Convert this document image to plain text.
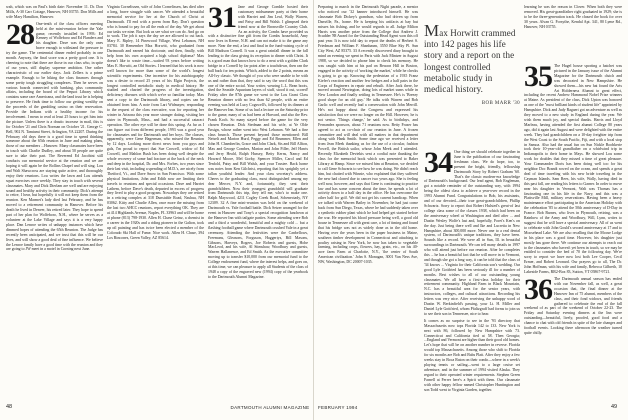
wah, which was on Paul's birth date: November 11. Dr. Don Mills, A-30 Carr Cottage, Hanover, NH 03755. Don Mills and wife Mary Hamilton, Hanover.
28 One-tenth of the class officers meeting held at the mini-reunion before the Yale game, recently installed in 1993: Ed Kenney of Wolfeboro and Ed Flanders and his daughter. Dave was the only ones brave enough to withstand the pressure to try the game. The centennial dinner ended probably in one month. Anyway, the final score was a pretty good one. It is cheering to note that there are those in our class who, in spite of our years, still display supreme ambition. One rather characteristic of our earlier days. Jack Zellers is a prime example. Enough to be hiking the class finances through some pretty tough struggling complexes. Then he serves on various boards connected with banking, plus community affairs, including the board of the Pequot Library which contains some rare Americana, and the land trust he is helping to preserve. He finds time to follow our getting wealthy on the proceeds of the gambling casino on their reservation. Provide the Indians with a healthy income for his involvement. I mean to read at least 25 hours to get him into the picture. Unless there is a drastic increase in mail, this is for October '21 and Chris Norman on October '21. George C. Bell, 902 N. Tamiami Street, Arlington, VA 22207. During the February old days there is a good time to spend thinking someone about the 65th reunion in June and making plans, those of our members ...Hanover. Many classmates have been in touch with Charlie Dudley, and about 50 people are quite sure to take their part. The Reverend Ed Jacobini still conducts our memorial service at the reunion and we are hoping it will again be the Rollins Chapel and will sing. Lou and Walt Shawcross are staying quite active, and thoroughly enjoy their reunions. Lou writes the lawn and Lou attends squat exercises once weekly. They stay in touch with several classmates. Mary and Dick Dierlam are well and are enjoying sound and healthy activity in their community. Dick's attempt to retire, I hear, but hopefully it will not keep them from the reunion. Ken Marmet's lady died last February, and he has moved to a retirement community in Hanover. Before his death he lived in Denver, his retired later. They hope to spend part of her plan for Wolfeboro, N.H., where he serves as a volunteer at the Lake Village and says it is a very happy place. Dan Lenroe writes of unhappy instances which have dimmed hopes of attending the 65th Reunion. The Judge has recently been anticipated, and we trust that this will be our lives, and will show a good deal of fine influence. We believe the Lenroe family have a good time with the reunion and they are going to JW meet in a motel in Corning next June.
Virginia Cornelissen, wife of John Cornelissen, has died after a long, brave struggle with cancer. We attended a beautiful memorial service for her at the Church of Christ at Dartmouth. I'll end with a poem from Ray. Don't question who is bound to pay for all the ends of the day. We get about our tasks we nine. But look us see what we can do. And go on to work. The job it says the day we are allowed to cut back. Mary E. Ripley, 14 Pinewood Village, West Lebanon, NH 03784. 30 Remember Max Horwitt, who graduated from Dartmouth and earned his doctorate, and then, finally, with help from his own acquired a high school diploma? Max doesn't like to waste time—waited 93 years before writing Max E. Horwitt, an Old Stories. I learned that his work is now well known for more than some of the world's longest scientific experiments. One incentive for his autobiography was a desire to record 25 years of his Elgin Projects, the longest controlled metabolic study in medical history. He studied and charted the progress of the investigation, deficiency diseases with which we're so familiar today. Max sent a copy to the Dartmouth library, and copies can be obtained from him. A note from Lari Widmayer, responding to the request of the class executive, was for reporting her winter in Arizona this year more stranger dating, visiting her sister in Plymouth, Mass., and had a successful cataract operation. The other eye will be done this spring. As far as I can figure out from different people, 1993 was a good year for classmates and for Dartmouth and her boys. The classes, apparently, were Gene Hagerman, who missed the Reunion by 12 days. Looking more direct news from you guys and gals, I'm proud to report that Sue Crowell, widow of Ed Crowell, and Mahlon Bush has been doing well despite the whole recovery of some bad fracture at the back of the neck and deep in the hospital, Dr. and Mrs. Forbes, two years since their last visit, including a spending of M.D.'s, are nicely from Thetford, Vt., and Dave Snow in San Francisco. With some physical limitations, John and Edith now are limiting their travels to reunions and special occasions. Dave and Harriet Lathem, before Dave's death, departed in excess of progress they lived to play a good program. Nowadays they are retired in a retiring complex at 318 Dunstable Road, Nashua, NH 03062. Kitty and Charlie Allen, once more the missing from the last two AHCC reunions, report everything OK. They are at 414 Highlands Avenue, Naples, FL 33963 and will be home at phone (813) 798-1930. Allen H. Chase Geinz, a chemist in a career in the 1920s and a riding pioneer in the Galton, took up oil painting and has twice been elected a member of the Colorado Ski Hall of Fame. Nice work. Allen H. Chase, 394 Los Rincones, Green Valley, AZ 85614.
31 Jane and George Comble hosted their customary midsummer party at their home with Harriet and Jim Leaf, Wally Warren, and Patsy and Bill Walsh. I glimpsed their friend now at the Bronxville Country Club. As an activity, the Combs have provided us with a distinctive fine gift from the Combs household, Amy now lives in Keene, N.H. and can not make it to the game any more. Near the end, a last and final in the fund-raising cycle of Bill Madison Cornell. It was a great rainfall dinner in the fall leading to the class giving its reception to dinner with Christ. It is a good man that knows how to do a neat with a golden Clark bridge in a Cornell by far point after a touchdown, then ran the ball back for ten points. Which, added to the 2 points, means an All-Ivy classic. We thought of you who were unable to be with us and rather than that, they said to say the word that this was one of the entire social. Your writer, wearing L.L. Bean boots, shed the Seaside Aquarium layers of stuff, stood it out, scored! Friday after the 87th game we went to the Lou Grant Class Reunion dinner with no less than 62 people, with an entire evening was held at Lucy Cogswell's, followed by its dinners at the Hanover Inn. Some of us had a lecture on the Saturday prior to the game, many of us had been at Harvard, and also the Rev. Frank Koch. So many stayed before the game for the very chosen Reunion. Dick Stedman and his wife, at Ye Olde Ensign, whose rather went into West Lebanon. We had a fine class brunch. Those present beyond those mentioned: Bill Neiselt and Marion Hurd, Peggy and Ed Brummer, Ellen and John H. Chamberlin, Grace and John Clark, Sis and Bill Alfton, Max and George Combes, Marion and John Filler, Jeff Harris and Jerry Heald, Ralph Hussey, Betty Kerns, Nancy and Howard Moore, Mel Gorby, Spencer Miller, Carol and Ed Tenfold, Patsy and Bill Walsh, and your Trustee. Back home was notes from Ken Gilchrist, reporting that his sprightly yet a tallan youthful leader. And your class secretary's address. Cheers to the graduating class, most distinguished among my dear Mercer, N.Y. and, fortunately, they sent their grandchildren. Now their youngest grandchild will graduate from Dartmouth this trip, they tell me, who's to make one. Ralph Maywood, 4211 Cogley Creek Road, Schenectady, NY 12309. 32 A fine mini-reunion was held on the weekend of Dartmouth vs. Yale football battle. Dick Setzer arranged for the event in Hanover and Tony's a special recognition luncheon at the Hanover Inn with tailgate parties. Some attending were Bob and a third a wonderful, beautiful and a mighty cold ... but a flashing football game where Dartmouth crushed Yale in a great ceremony. Attending the festivities were the Canbellows, Freemans, Gleasons, Forguson, Haggertys, Bill Masons, Gibsons, Harveys, Rogers, Joe Roberts and guests, Hohe MacLeod, and his wife, Al Stimshaw, Woodbury and guests, Warren Hallanence, and Ed Smith. As the executive committee moving up to transfer $10,000 from our memorial fund to the College endowment fund, where the interest helps, and goes on, at this time, we can pleasure to apply all Students of the class of 1948 a copy of the engraved new (1994) copy of the yearbook to the Dartmouth Alumni Magazine.
Preparing to march in the Dartmouth Night parade, a mentor who noticed our '32 banner introduced himself. He was classmate Bob Dickey's grandson, who had driven up from Danville, Pa., home. He is keeping his artifacts at bay but misses his fishing, and he would regards to all. Judge Milton Harris was another prize from the College that Andrew J. Scudder '88 Award for the Outstanding Head Agent won this off past year. It is now told day to report the deaths of Herbert S. Friedman and William F. Shanbaum, 3550 Blue Sky Pl. Sun City West, AZ 85375. 33 A recently discovered diary brought to mind an evening we spent in Paris with Jack Mintzer in August 1988, so we decided to phone him to check his memory. He was caught with him at his pad on Beacon Hill in Boston, engaged in the activity of 'working the market,' while he checks is going to go up. Knowing the pedestrian of a 1935 Franz Kiefer's reaction and another few hedges and a half pairs in the Corps of Engineers in repair and rebuilt. After Jack there, he moved around Newington, doing lots of market sums while in New London and finally settling in Tennessee. He's is 'Breezy good shape for an old guy.' He talks with Warren and Bob Garlic well and recently had a conversation with John Merrill. He's not happy about the Congress and expressed his satisfaction that we were no longer on the Hill. However, he is not senior. 'Things change,' he said. As to birthdays, and Fernandez sponsors, about 71 reunions now. Betty Fraser has agreed to act as co-chair of our reunion in June. A frozen committee and will deal with all matters in that department along with Hank Smith. Some time ago we received a letter from Jean Meek thanking us for the use of a circular, fashion Powell, the British sailor, whose John Meek and I attended. Recently Elizabeth Deviekis sent a cordial note thanking the class for the memorial book which was presented to Baker Library at Hamp. Since we missed him at Reunion, we decided to call Gene Schwartz to see how he was doing. We didn't reach him, but chatted with Winnie, who explained that they suffered the new bad cloned due to cancer two years ago. She is feeling well now, however, and says that Gene is continuing to practice law and has some concern about the time, he spends a lot of activity down to a half day in the office. He has overcome the other half for golf. We did not get his current handicap. When we talked with Warren Bailey in November, he had just come back from Sun Diego, Texas, where he had suddenly taken over a synthetic rubber plant which he had helped get started before the war. He reported his blood pressure being well, a good old house in Tennessee all with great care, a lot of timing and found that his bridge was not as widely done as in the old home. Having over the years been in the paper business in Maine, southern timber development in Connecticut and attaching to poultry raising in New York, he now has taken to vegetable farming, including crops, flowers, hay, grain, etc., on his 40-acre farm Farm at Charlotte, N.Y., 'the center of South American civilization.' John S. Monagan, 3001 Van Ness Ave, NW, Washington, DC 20007-1035.
Max Horwitt crammed into 142 pages his life story and a report on the longest controlled metabolic study in medical history.
BOB MARR '30
learning he was the reason in Clover. When both they were removed. His great-grandfather right graduated in 1929; she is to be the three-generation track. He chased the book for over 30 years. Alvan G. Forsythe, Kendal Apt. 341, 80 Lyme Rd., Hanover, NH 03755.
34 One thing we should celebrate together in June is the publication of our fascinating freshman class. We do hope, too, to present the bright, friendly, fellowship Dartmouth Story by Robert Graham '60. That's the classic modern-era knowledge of Dartmouth's background. Our lead agent, Bob Engleman, got a notable reminder of the outstanding way, with 1994 being the oldest class to achieve a year-over record in the 1993 Alumni Fund. Congratulations to Bob, his assistants, and of our devoted—their true great-grandchildren, Phillip Schwartz. Sorry to report that Robert Hulsted's great-of last college class some of the classes 1938, which had been on the anniversary wheel at Washington and died after ... and Dustin Wesley Wolfe's last and, hopefully, Foret's Ken's on the day. Just being there well and Ike and Lucretia in New Hampshire, about 300,000 more. Never one to a real dental system, of Dartmouth's unique traditions, they have been. Sounds like a record. We were all in Sun, Ill. in beautiful surroundings in Dartmouth. We can tell many details in 1997 who will attend just before our reunion. After he completes this ... he has a beautiful fact that he will move in to Vermont, and though she got a long way, it can be told that the class of '34 knows ... Virginia for their California son's wedding. Our good Lyle Gottfried has been seriously ill for a number of months. Best wishes to all of our outstanding young classmates. We all have a first-class holiday for their retirement community. Highland Farm in Black Mountain, N.C. has a beautiful area for the senior years, with instructors, colleges, and cultural attractions. Recording his letters was very nice. After receiving the unhappy word of Dustin W. Berkinfield's passing, your Lt. H. Miller and Daniel Lyle Gottfried, whom Pfaltzgraff had forms to join us to see their son in Tennessee, nice to hear.
It comes as no surprise to see in the '93 directory that Massachusetts now tops Florida 142 to 133. New York is next with 86, followed by New Hampshire with 73. Connecticut and California tied at 58. Then Georgia; ...England and Vermont are higher than their good old homes. Let's hope that will be on another number in reverse. Florida would top Massachusetts. Among those who shift to Florida for six months are Bob and Babs Platt. After they enjoy a few weeks stay in Boca Raton on their condo—where in a week's playing tennis or sailing—went to a large cruise set adventure, and in the summer of 1994 visited Alaska. They regard to their operated winter requirements. Stephen Green Farnell at Ferrer here's a Spirit with them. Our classmate with other happy fellow named Christopher Huntington and son Todd went to Virginia Garden, together.
35 The Hugel house sporting a hatchet was pictured in the January issue of the Alumni Magazine for the Dartmouth clutch and was decorated in New Hampshire. He showed them—his new hat found the Arts Art Holderness Alumni to great effect, including the recent Andrew Hammond Nobel Prize winners at Maine. As president of the class, Dick Upton was honored as one of the "most brilliant kinds of student life" appointed by Hampshire. Dick and Judy Ragaert got an adventure as well as they moved to a new study in England during the year. We wish them much joy, and special thanks. Harris and Lloyd Marleau, having attended the first alumni College 80 years ago, did it again last August and were delighted with the entire week. They had grandchildren on a 10-day freighter trip from the West Coast to the South Pacific, Fiji, and with a local stop in Samoa. Also had the usual fun on Sun Nickle Boobkerie took their 10-year-old grandfather on a whirlwind trip in Indianapolis to their home in Mays. He showed Lou some work for doubles that they missed a time of great pleasure. Your Commander Doris has been doing well too for his neighbor Doc Brandt rowed on the ocean, and spends a great deal of time traveling with his new bride traveling in the Cayman Islands. Sam Rees, his wife, Wally, having died in this past fall, are reading his letters to Garner. In order to move near his daughter in Vermont, Walt was Thomas has a fascinating one in his life in the Navy, and this was a Plattsville Mill, military reservations. Having been a heavy maintenance effort participating in the American Holiday with the celebration '85 to attend the 50th anniversary of D-Day in France. Bob Barnes, who lives in Plymouth, retiring, was a Rainbow of the Army and Woodbury, Will, Lynn, writes to suggest that he will have a special anniversary. All of us went to celebrate with John Gould's second anniversary at 17 and to Moosehead Lake. We are also recalling that the Moose Lodge in his place was a good time. However, his daughter just mostly has gone there. We continue our attempts to reach out to the classmates who haven't yet been in touch, so we may be entitled to consider the bed of 70 the following day. We're sorry to report we have now lost both Lee Cooper, Cecil Ermer, and Robert Leonard. Our prayers go to all, The Dr. John Hoffman, with his wife and family, Rebecca Gilbreth, 10 Lakeside Farms, RR2-Box 83, Sutton, VT 05867-9721.
36 The Dartmouth annual season has ended with our November fall, as well, a great occasion that, the final dinner at the Hanover Inn of 75 alumni, members of the class, and their fond widows, and friends gathered to celebrate the end of the fall weekend of as part of the weekend of October 22-23. The Friday and Saturday evening dinners at the Inn were outstanding—beautiful, lively, proofed, good food and a chance to chat with old friends in spite of the late changes and football events. Looking there afternoon the weather turned quite chilly.
48	DARTMOUTH ALUMNI MAGAZINE	FEBRUARY 1994	49
